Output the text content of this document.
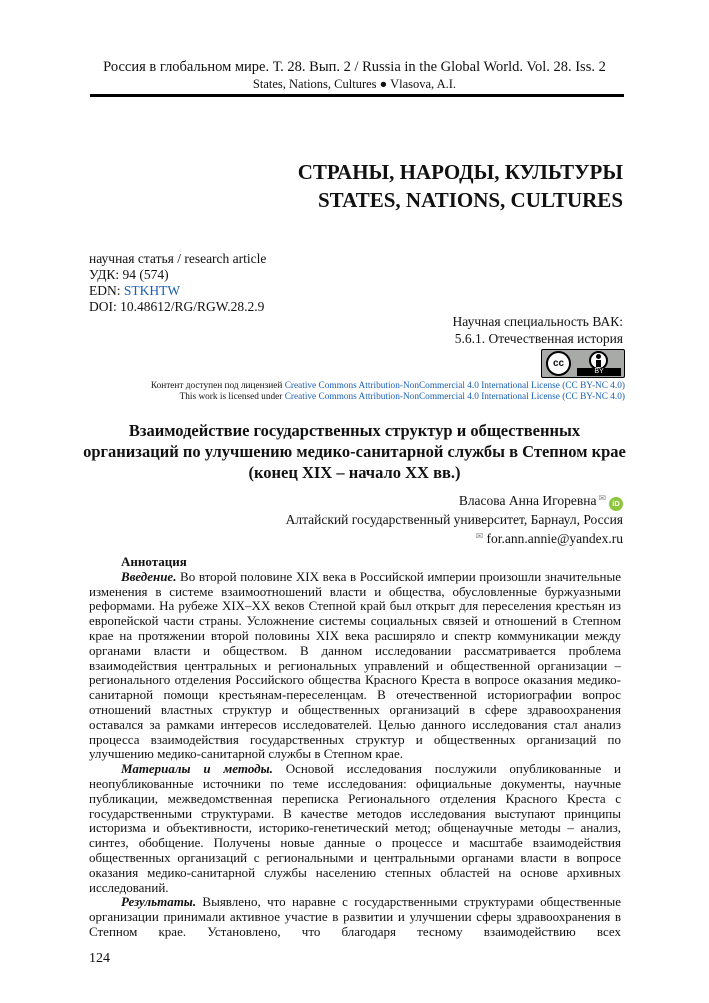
Россия в глобальном мире. Т. 28. Вып. 2 / Russia in the Global World. Vol. 28. Iss. 2
States, Nations, Cultures ● Vlasova, A.I.
СТРАНЫ, НАРОДЫ, КУЛЬТУРЫ
STATES, NATIONS, CULTURES
научная статья / research article
УДК: 94 (574)
EDN: STKHTW
DOI: 10.48612/RG/RGW.28.2.9
Научная специальность ВАК:
5.6.1. Отечественная история
cc
BY
Контент доступен под лицензией Creative Commons Attribution-NonCommercial 4.0 International License (CC BY-NC 4.0)
This work is licensed under Creative Commons Attribution-NonCommercial 4.0 International License (CC BY-NC 4.0)
Взаимодействие государственных структур и общественных
организаций по улучшению медико-санитарной службы в Степном крае
(конец XIX – начало XX вв.)
Власова Анна Игоревна ✉iD
Алтайский государственный университет, Барнаул, Россия
✉ for.ann.annie@yandex.ru

Аннотация

Введение. Во второй половине XIX века в Российской империи произошли значительные изменения в системе взаимоотношений власти и общества, обусловленные буржуазными реформами. На рубеже XIX–XX веков Степной край был открыт для переселения крестьян из европейской части страны. Усложнение системы социальных связей и отношений в Степном крае на протяжении второй половины XIX века расширяло и спектр коммуникации между органами власти и обществом. В данном исследовании рассматривается проблема взаимодействия центральных и региональных управлений и общественной организации – регионального отделения Российского общества Красного Креста в вопросе оказания медико-санитарной помощи крестьянам-переселенцам. В отечественной историографии вопрос отношений властных структур и общественных организаций в сфере здравоохранения оставался за рамками интересов исследователей. Целью данного исследования стал анализ процесса взаимодействия государственных структур и общественных организаций по улучшению медико-санитарной службы в Степном крае.

Материалы и методы. Основой исследования послужили опубликованные и неопубликованные источники по теме исследования: официальные документы, научные публикации, межведомственная переписка Регионального отделения Красного Креста с государственными структурами. В качестве методов исследования выступают принципы историзма и объективности, историко-генетический метод; общенаучные методы – анализ, синтез, обобщение. Получены новые данные о процессе и масштабе взаимодействия общественных организаций с региональными и центральными органами власти в вопросе оказания медико-санитарной службы населению степных областей на основе архивных исследований.

Результаты. Выявлено, что наравне с государственными структурами общественные организации принимали активное участие в развитии и улучшении сферы здравоохранения в Степном крае. Установлено, что благодаря тесному взаимодействию всех

124
